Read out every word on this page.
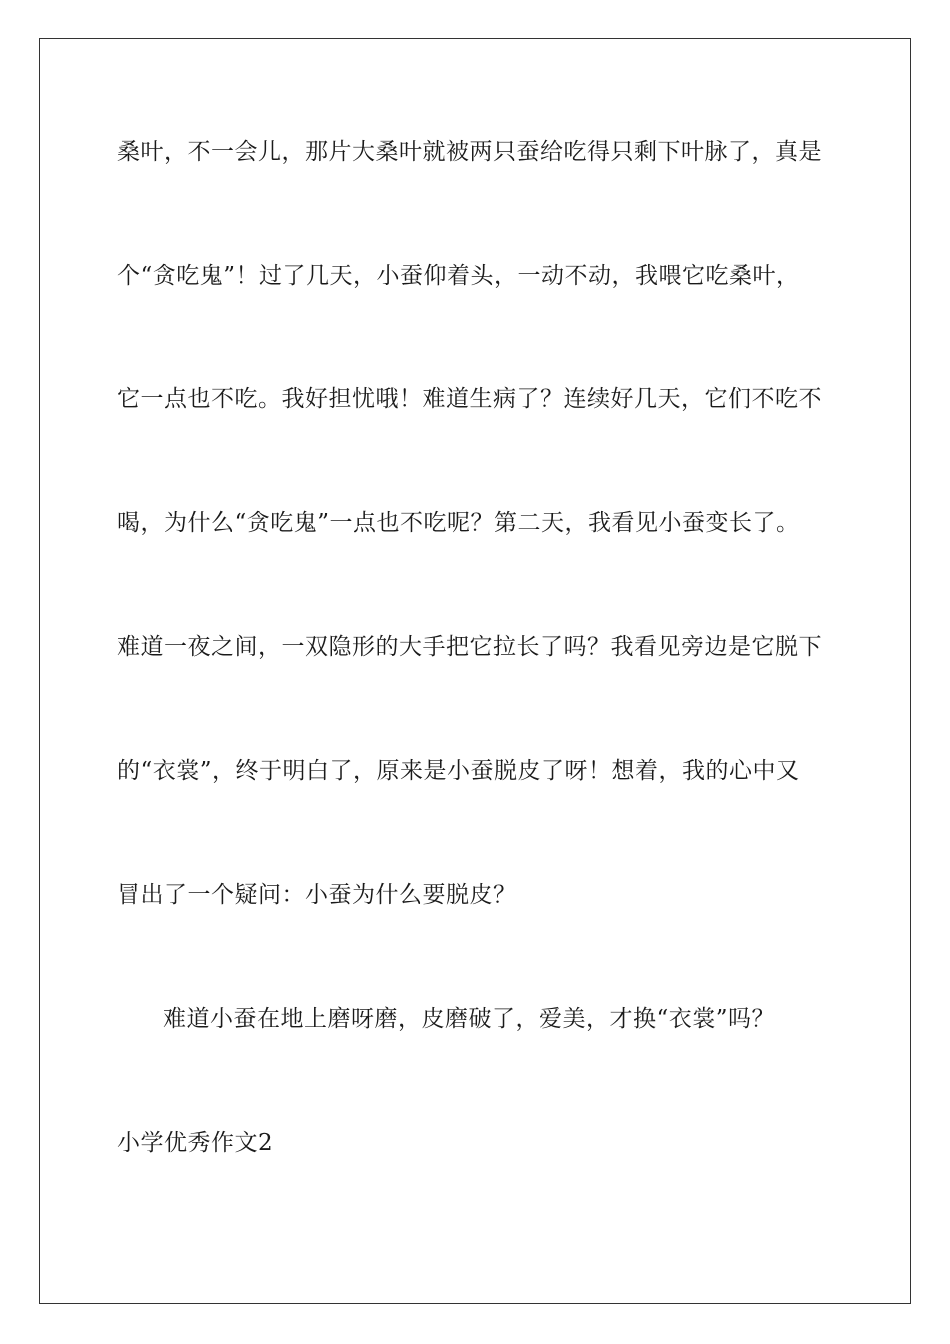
桑叶，不一会儿，那片大桑叶就被两只蚕给吃得只剩下叶脉了，真是
个“贪吃鬼”！过了几天，小蚕仰着头，一动不动，我喂它吃桑叶，
它一点也不吃。我好担忧哦！难道生病了？连续好几天，它们不吃不
喝，为什么“贪吃鬼”一点也不吃呢？第二天，我看见小蚕变长了。
难道一夜之间，一双隐形的大手把它拉长了吗？我看见旁边是它脱下
的“衣裳”，终于明白了，原来是小蚕脱皮了呀！想着，我的心中又
冒出了一个疑问：小蚕为什么要脱皮？
难道小蚕在地上磨呀磨，皮磨破了，爱美，才换“衣裳”吗？
小学优秀作文2
